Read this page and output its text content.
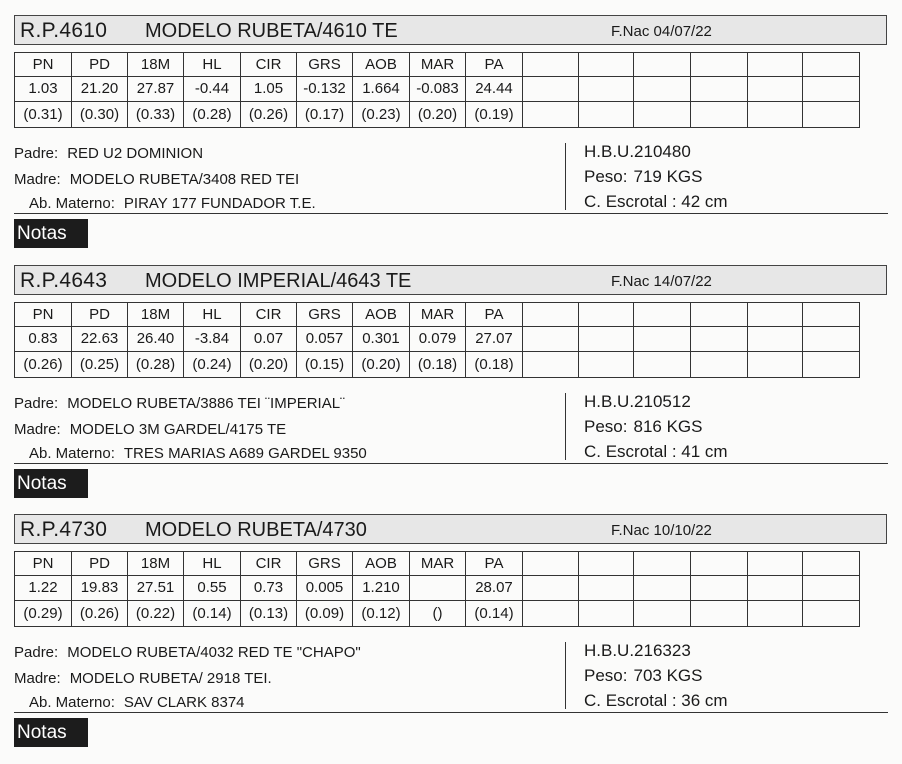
R.P.4610 MODELO RUBETA/4610 TE	F.Nac 04/07/22
PN	PD	18M	HL	CIR	GRS	AOB	MAR	PA						
1.03	21.20	27.87	-0.44	1.05	-0.132	1.664	-0.083	24.44						
(0.31)	(0.30)	(0.33)	(0.28)	(0.26)	(0.17)	(0.23)	(0.20)	(0.19)						
Padre: RED U2 DOMINION
Madre: MODELO RUBETA/3408 RED TEI
Ab. Materno: PIRAY 177 FUNDADOR T.E.
H.B.U.210480
Peso: 719 KGS
C. Escrotal : 42 cm
Notas
R.P.4643 MODELO IMPERIAL/4643 TE	F.Nac 14/07/22
PN	PD	18M	HL	CIR	GRS	AOB	MAR	PA						
0.83	22.63	26.40	-3.84	0.07	0.057	0.301	0.079	27.07						
(0.26)	(0.25)	(0.28)	(0.24)	(0.20)	(0.15)	(0.20)	(0.18)	(0.18)						
Padre: MODELO RUBETA/3886 TEI ¨IMPERIAL¨
Madre: MODELO 3M GARDEL/4175 TE
Ab. Materno: TRES MARIAS A689 GARDEL 9350
H.B.U.210512
Peso: 816 KGS
C. Escrotal : 41 cm
Notas
R.P.4730 MODELO RUBETA/4730	F.Nac 10/10/22
PN	PD	18M	HL	CIR	GRS	AOB	MAR	PA						
1.22	19.83	27.51	0.55	0.73	0.005	1.210		28.07						
(0.29)	(0.26)	(0.22)	(0.14)	(0.13)	(0.09)	(0.12)	()	(0.14)						
Padre: MODELO RUBETA/4032 RED TE "CHAPO"
Madre: MODELO RUBETA/ 2918 TEI.
Ab. Materno: SAV CLARK 8374
H.B.U.216323
Peso: 703 KGS
C. Escrotal : 36 cm
Notas
